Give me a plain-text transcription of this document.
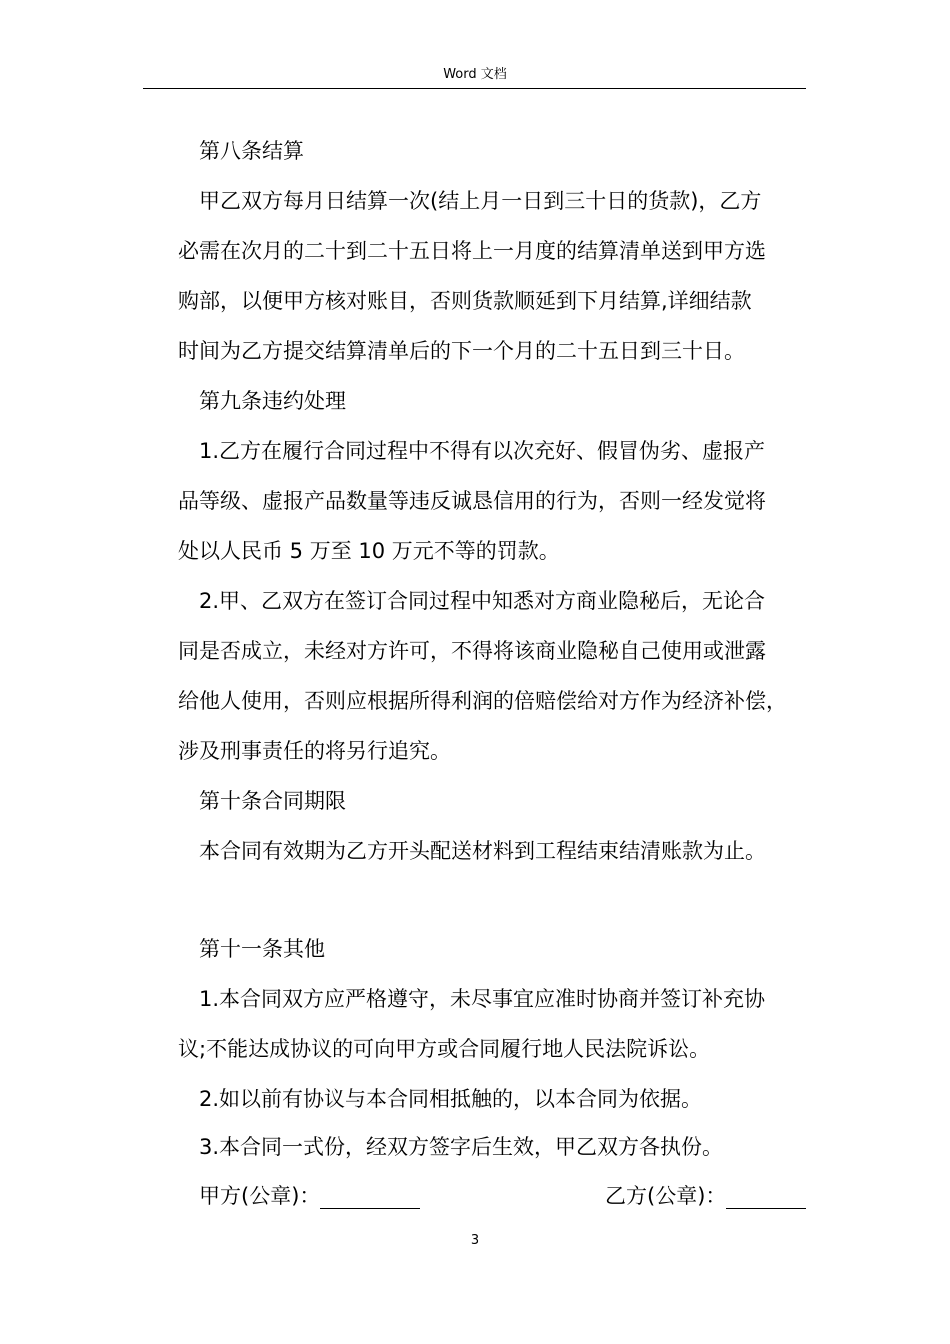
Word 文档
第八条结算
甲乙双方每月日结算一次(结上月一日到三十日的货款)，乙方
必需在次月的二十到二十五日将上一月度的结算清单送到甲方选
购部，以便甲方核对账目，否则货款顺延到下月结算,详细结款
时间为乙方提交结算清单后的下一个月的二十五日到三十日。
第九条违约处理
1.乙方在履行合同过程中不得有以次充好、假冒伪劣、虚报产
品等级、虚报产品数量等违反诚恳信用的行为，否则一经发觉将
处以人民币 5 万至 10 万元不等的罚款。
2.甲、乙双方在签订合同过程中知悉对方商业隐秘后，无论合
同是否成立，未经对方许可，不得将该商业隐秘自己使用或泄露
给他人使用，否则应根据所得利润的倍赔偿给对方作为经济补偿，
涉及刑事责任的将另行追究。
第十条合同期限
本合同有效期为乙方开头配送材料到工程结束结清账款为止。
第十一条其他
1.本合同双方应严格遵守，未尽事宜应准时协商并签订补充协
议;不能达成协议的可向甲方或合同履行地人民法院诉讼。
2.如以前有协议与本合同相抵触的，以本合同为依据。
3.本合同一式份，经双方签字后生效，甲乙双方各执份。
甲方(公章)：	乙方(公章)：
3
